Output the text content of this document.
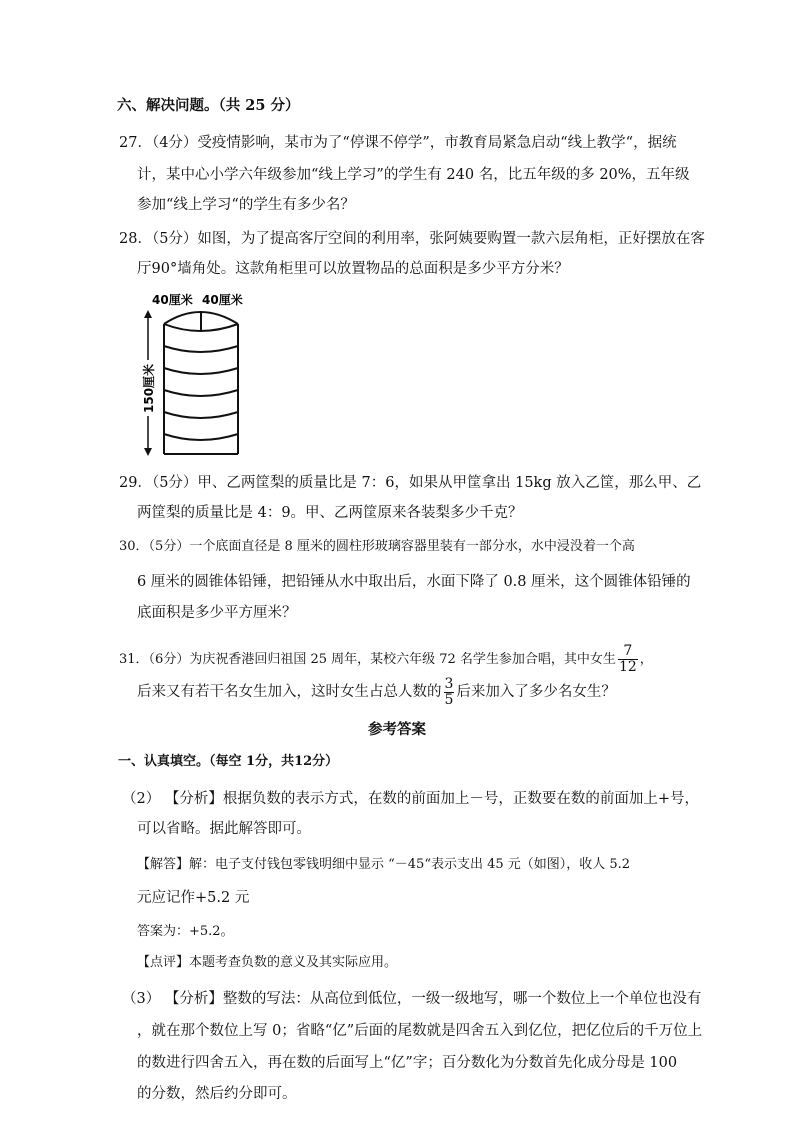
六、解决问题。（共 25 分）
27．（4分）受疫情影响，某市为了“停课不停学”，市教育局紧急启动“线上教学“，据统
计，某中心小学六年级参加“线上学习”的学生有 240 名，比五年级的多 20%，五年级
参加“线上学习“的学生有多少名？
28．（5分）如图，为了提高客厅空间的利用率，张阿姨要购置一款六层角柜，正好摆放在客
厅90°墙角处。这款角柜里可以放置物品的总面积是多少平方分米？
40厘米 40厘米
150厘米
29．（5分）甲、乙两筐梨的质量比是 7：6，如果从甲筐拿出 15kg 放入乙筐，那么甲、乙
两筐梨的质量比是 4：9。甲、乙两筐原来各装梨多少千克？
30．（5分）一个底面直径是 8 厘米的圆柱形玻璃容器里装有一部分水，水中浸没着一个高
6 厘米的圆锥体铅锤，把铅锤从水中取出后，水面下降了 0.8 厘米，这个圆锥体铅锤的
底面积是多少平方厘米？
31．（6分）为庆祝香港回归祖国 25 周年，某校六年级 72 名学生参加合唱，其中女生 $\frac{7}{12}$ ，
后来又有若干名女生加入，这时女生占总人数的 $\frac{3}{5}$ 后来加入了多少名女生？
参考答案
一、认真填空。（每空 1分，共12分）
（2） 【分析】根据负数的表示方式，在数的前面加上－号，正数要在数的前面加上+号，
可以省略。据此解答即可。
【解答】解：电子支付钱包零钱明细中显示 “－45“表示支出 45 元（如图），收人 5.2
元应记作+5.2 元
答案为：+5.2。
【点评】本题考查负数的意义及其实际应用。
（3） 【分析】整数的写法：从高位到低位，一级一级地写，哪一个数位上一个单位也没有
，就在那个数位上写 0；省略“亿”后面的尾数就是四舍五入到亿位，把亿位后的千万位上
的数进行四舍五入，再在数的后面写上“亿”字；百分数化为分数首先化成分母是 100
的分数，然后约分即可。
